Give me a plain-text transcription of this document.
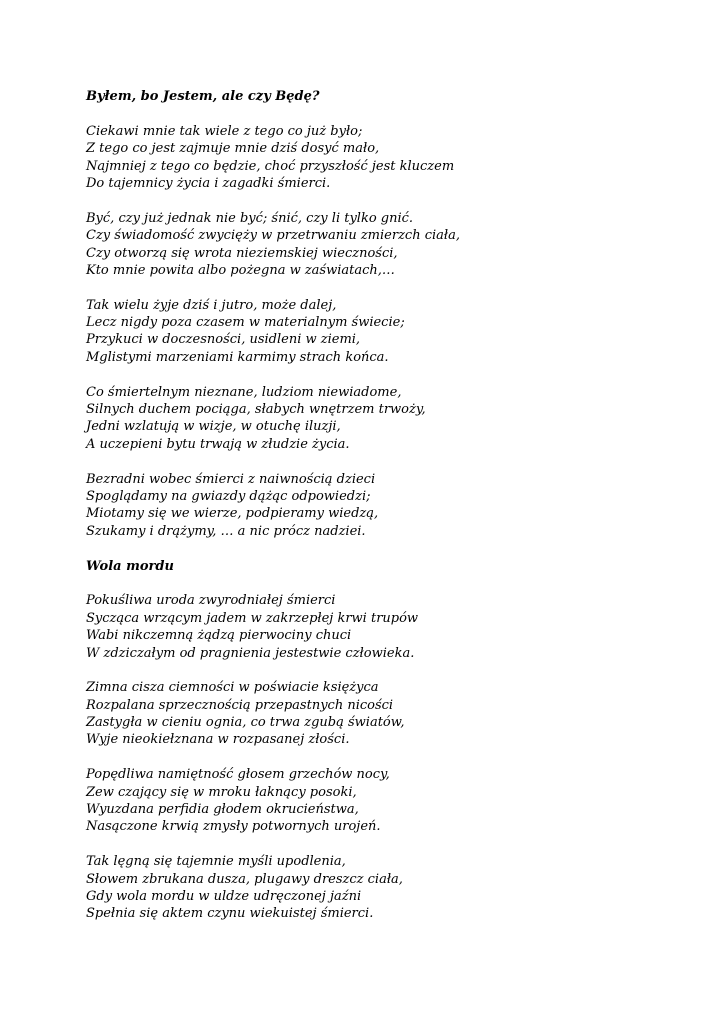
Byłem, bo Jestem, ale czy Będę?
Ciekawi mnie tak wiele z tego co już było;
Z tego co jest zajmuje mnie dziś dosyć mało,
Najmniej z tego co będzie, choć przyszłość jest kluczem
Do tajemnicy życia i zagadki śmierci.
Być, czy już jednak nie być; śnić, czy li tylko gnić.
Czy świadomość zwycięży w przetrwaniu zmierzch ciała,
Czy otworzą się wrota nieziemskiej wieczności,
Kto mnie powita albo pożegna w zaświatach,…
Tak wielu żyje dziś i jutro, może dalej,
Lecz nigdy poza czasem w materialnym świecie;
Przykuci w doczesności, usidleni w ziemi,
Mglistymi marzeniami karmimy strach końca.
Co śmiertelnym nieznane, ludziom niewiadome,
Silnych duchem pociąga, słabych wnętrzem trwoży,
Jedni wzlatują w wizje, w otuchę iluzji,
A uczepieni bytu trwają w złudzie życia.
Bezradni wobec śmierci z naiwnością dzieci
Spoglądamy na gwiazdy dążąc odpowiedzi;
Miotamy się we wierze, podpieramy wiedzą,
Szukamy i drążymy, … a nic prócz nadziei.
Wola mordu
Pokuśliwa uroda zwyrodniałej śmierci
Sycząca wrzącym jadem w zakrzepłej krwi trupów
Wabi nikczemną żądzą pierwociny chuci
W zdziczałym od pragnienia jestestwie człowieka.
Zimna cisza ciemności w poświacie księżyca
Rozpalana sprzecznością przepastnych nicości
Zastygła w cieniu ognia, co trwa zgubą światów,
Wyje nieokiełznana w rozpasanej złości.
Popędliwa namiętność głosem grzechów nocy,
Zew czający się w mroku łaknący posoki,
Wyuzdana perfidia głodem okrucieństwa,
Nasączone krwią zmysły potwornych urojeń.
Tak lęgną się tajemnie myśli upodlenia,
Słowem zbrukana dusza, plugawy dreszcz ciała,
Gdy wola mordu w uldze udręczonej jaźni
Spełnia się aktem czynu wiekuistej śmierci.
